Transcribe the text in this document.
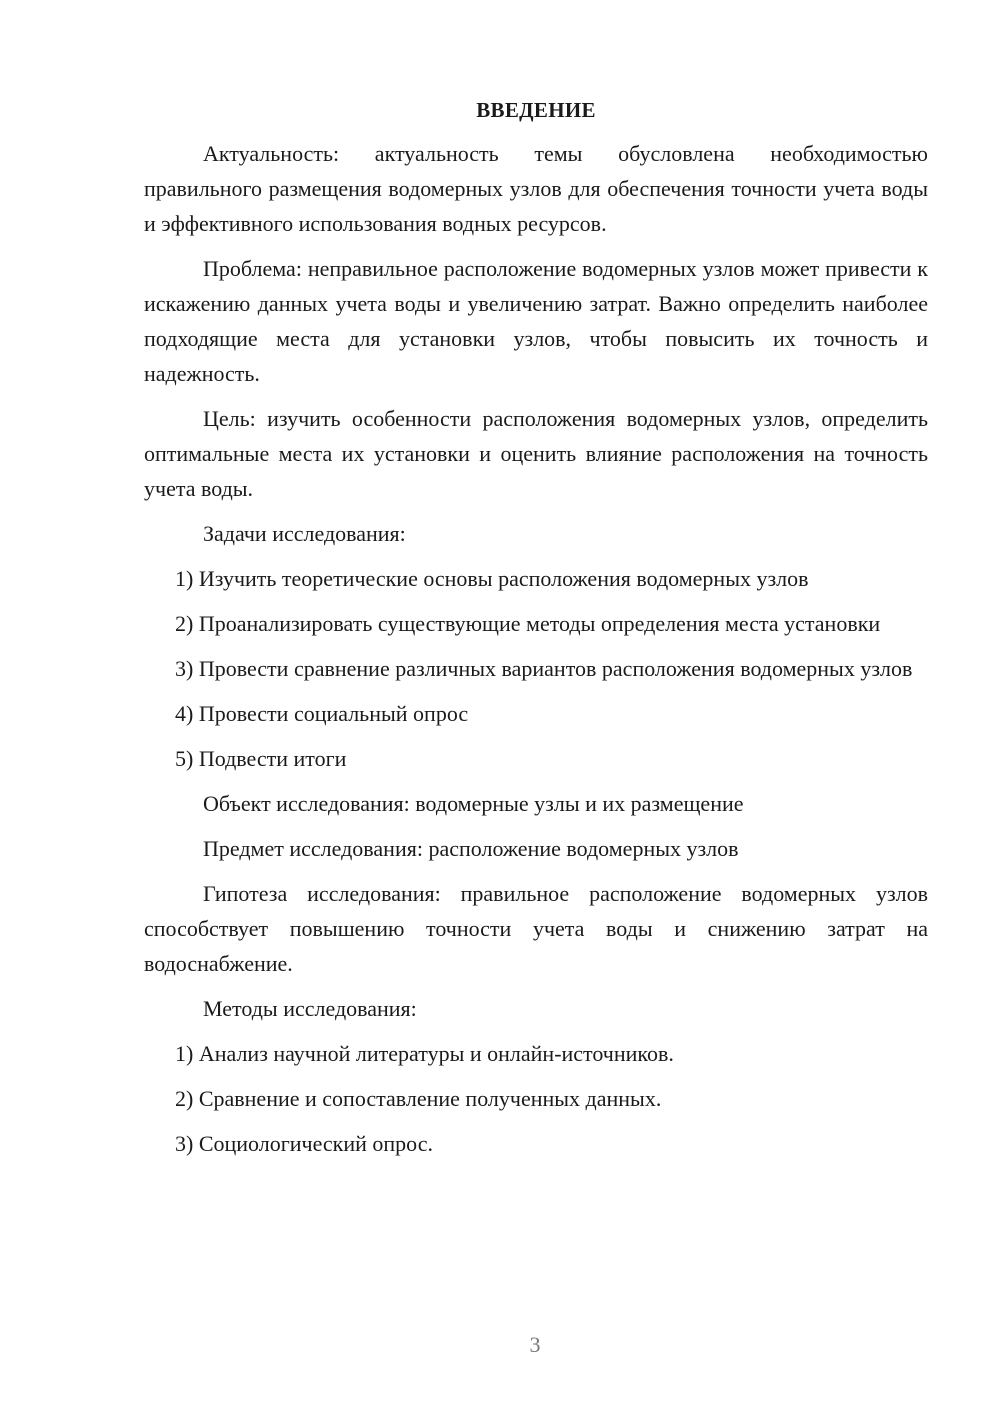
ВВЕДЕНИЕ

Актуальность: актуальность темы обусловлена необходимостью правильного размещения водомерных узлов для обеспечения точности учета воды и эффективного использования водных ресурсов.

Проблема: неправильное расположение водомерных узлов может привести к искажению данных учета воды и увеличению затрат. Важно определить наиболее подходящие места для установки узлов, чтобы повысить их точность и надежность.

Цель: изучить особенности расположения водомерных узлов, определить оптимальные места их установки и оценить влияние расположения на точность учета воды.

Задачи исследования:

1) Изучить теоретические основы расположения водомерных узлов

2) Проанализировать существующие методы определения места установки

3) Провести сравнение различных вариантов расположения водомерных узлов

4) Провести социальный опрос

5) Подвести итоги

Объект исследования: водомерные узлы и их размещение

Предмет исследования: расположение водомерных узлов

Гипотеза исследования: правильное расположение водомерных узлов способствует повышению точности учета воды и снижению затрат на водоснабжение.

Методы исследования:

1) Анализ научной литературы и онлайн-источников.

2) Сравнение и сопоставление полученных данных.

3) Социологический опрос.

3
